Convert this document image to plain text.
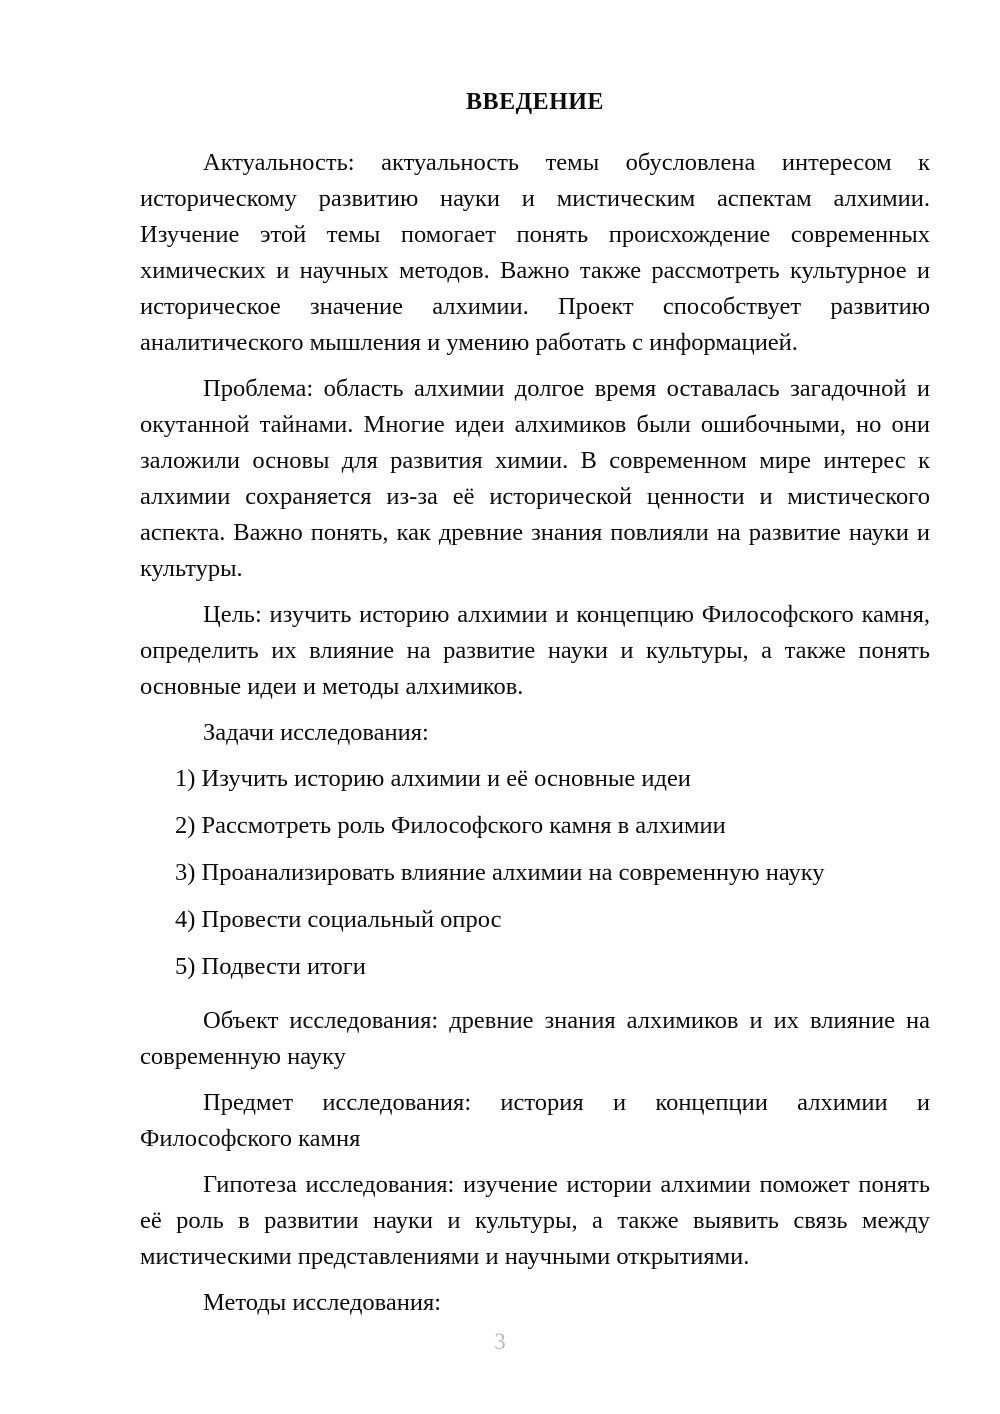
ВВЕДЕНИЕ

Актуальность: актуальность темы обусловлена интересом к историческому развитию науки и мистическим аспектам алхимии. Изучение этой темы помогает понять происхождение современных химических и научных методов. Важно также рассмотреть культурное и историческое значение алхимии. Проект способствует развитию аналитического мышления и умению работать с информацией.

Проблема: область алхимии долгое время оставалась загадочной и окутанной тайнами. Многие идеи алхимиков были ошибочными, но они заложили основы для развития химии. В современном мире интерес к алхимии сохраняется из-за её исторической ценности и мистического аспекта. Важно понять, как древние знания повлияли на развитие науки и культуры.

Цель: изучить историю алхимии и концепцию Философского камня, определить их влияние на развитие науки и культуры, а также понять основные идеи и методы алхимиков.

Задачи исследования:

1) Изучить историю алхимии и её основные идеи
2) Рассмотреть роль Философского камня в алхимии
3) Проанализировать влияние алхимии на современную науку
4) Провести социальный опрос
5) Подвести итоги

Объект исследования: древние знания алхимиков и их влияние на современную науку

Предмет исследования: история и концепции алхимии и Философского камня

Гипотеза исследования: изучение истории алхимии поможет понять её роль в развитии науки и культуры, а также выявить связь между мистическими представлениями и научными открытиями.

Методы исследования:

3
